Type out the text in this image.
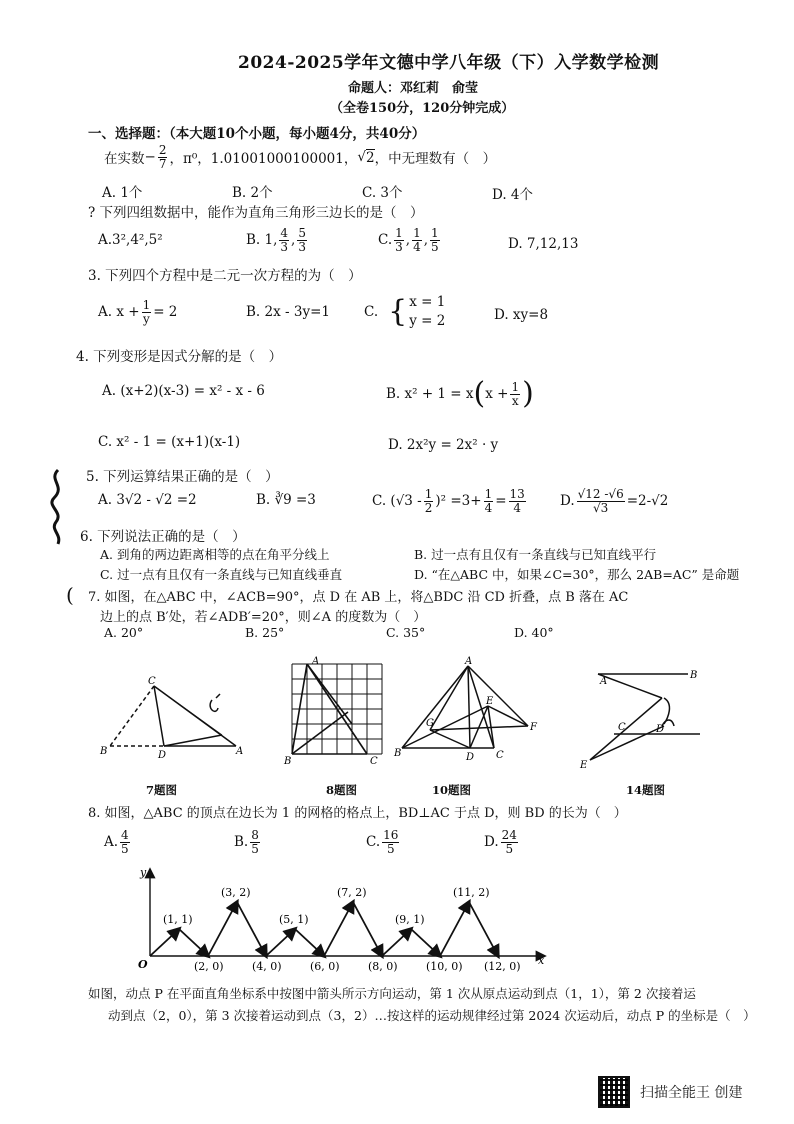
2024-2025学年文德中学八年级（下）入学数学检测
命题人：邓红莉　俞莹
（全卷150分，120分钟完成）
一、选择题：（本大题10个小题，每小题4分，共40分）
在实数 − $\frac{2}{7}$ ，π⁰，1.01001000100001， √ 2 ，中无理数有（　）
A. 1个	B. 2个	C. 3个	D. 4个
? 下列四组数据中，能作为直角三角形三边长的是（　）
A.3²,4²,5²	B. 1, $\frac{4}{3}$ , $\frac{5}{3}$	C. $\frac{1}{3}$ , $\frac{1}{4}$ , $\frac{1}{5}$	D. 7,12,13
3. 下列四个方程中是二元一次方程的为（　）
A. $x + \frac{1}{y} = 2$	B. 2x - 3y=1	C. { x = 1
y = 2	D. xy=8
4. 下列变形是因式分解的是（　）
A. (x+2)(x-3) = x² - x - 6	B. x² + 1 = x ( $x + \frac{1}{x}$ )
C. x² - 1 = (x+1)(x-1)	D. 2x²y = 2x² · y
5. 下列运算结果正确的是（　）
A. 3√2 - √2 =2	B. ∛9 =3	C. $(√3 - \frac{1}{2} )^2 =3+ \frac{1}{4} = \frac{13}{4}$	D. $\frac{√12 -√6}{√3} =2-√2$
6. 下列说法正确的是（　）
A. 到角的两边距离相等的点在角平分线上	B. 过一点有且仅有一条直线与已知直线平行
C. 过一点有且仅有一条直线与已知直线垂直	D. “在△ABC 中，如果∠C=30°，那么 2AB=AC” 是命题
( 7. 如图，在△ABC 中，∠ACB=90°，点 D 在 AB 上，将△BDC 沿 CD 折叠，点 B 落在 AC
边上的点 B′处，若∠ADB′=20°，则∠A 的度数为（　）
A. 20°	B. 25°	C. 35°	D. 40°
C
B	D	A
7题图
A
B	C
8题图
A
G
E
F
B	D C
10题图
A
B
C	D
E
14题图
8. 如图，△ABC 的顶点在边长为 1 的网格的格点上，BD⊥AC 于点 D，则 BD 的长为（　）
A. $\frac{4}{5}$	B. $\frac{8}{5}$	C. $\frac{16}{5}$	D. $\frac{24}{5}$
y
x
O
(1, 1)
(2, 0)
(3, 2)
(4, 0)
(5, 1)
(6, 0)
(7, 2)
(8, 0)
(9, 1)
(10, 0)
(11, 2)
(12, 0)
如图，动点 P 在平面直角坐标系中按图中箭头所示方向运动，第 1 次从原点运动到点（1，1），第 2 次接着运
动到点（2，0），第 3 次接着运动到点（3，2）…按这样的运动规律经过第 2024 次运动后，动点 P 的坐标是（　）
扫描全能王 创建
